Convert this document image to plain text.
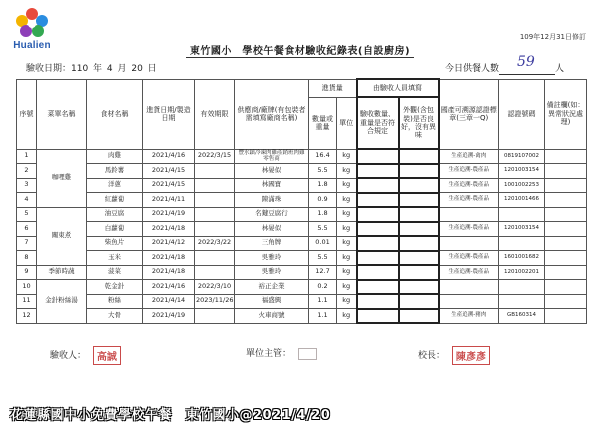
Hualien
109年12月31日修訂
東竹國小　學校午餐食材驗收紀錄表(自設廚房)
驗收日期：110 年 4 月 20 日	今日供餐人數 59 人
序號	菜單名稱	食材名稱	進貨日期/製造日期	有效期限	供應商/廠牌(有包裝者需填寫廠商名稱)	進貨量		由驗收人員填寫		國產可溯源認證標章(三章一Q)	認證號碼	備註欄(如：異常狀況處理)
						數量或重量	單位	驗收數量、重量是否符合規定	外觀(含包裝)是否良好，沒有異味			
1	咖哩雞	肉雞	2021/4/16	2022/3/15	豐水鎮冷凍肉雞產銷班肉雞零售商	16.4	kg			生產追溯-禽肉	0819107002	
2		馬鈴薯	2021/4/15		林晏似	5.5	kg			生產追溯-農產品	1201003154	
3		洋蔥	2021/4/15		林國寶	1.8	kg			生產追溯-農產品	1001002253	
4		紅蘿蔔	2021/4/11		陳滿珠	0.9	kg			生產追溯-農產品	1201001466	
5	關東煮	油豆腐	2021/4/19		名鍵豆腐行	1.8	kg					
6		白蘿蔔	2021/4/18		林晏似	5.5	kg			生產追溯-農產品	1201003154	
7		柴魚片	2021/4/12	2022/3/22	三角牌	0.01	kg					
8		玉米	2021/4/18		吳雅玲	5.5	kg			生產追溯-農產品	1601001682	
9	季節時蔬	菠菜	2021/4/18		吳雅玲	12.7	kg			生產追溯-農產品	1201002201	
10	金針粉絲湯	乾金針	2021/4/16	2022/3/10	裕正企業	0.2	kg					
11		粉絲	2021/4/14	2023/11/26	福盛興	1.1	kg					
12		大骨	2021/4/19		火車商號	1.1	kg			生產追溯-豬肉	GB160314	
驗收人： 高誠	單位主管：	校長： 陳彥彥
花蓮縣國中小免費學校午餐　東竹國小@2021/4/20
